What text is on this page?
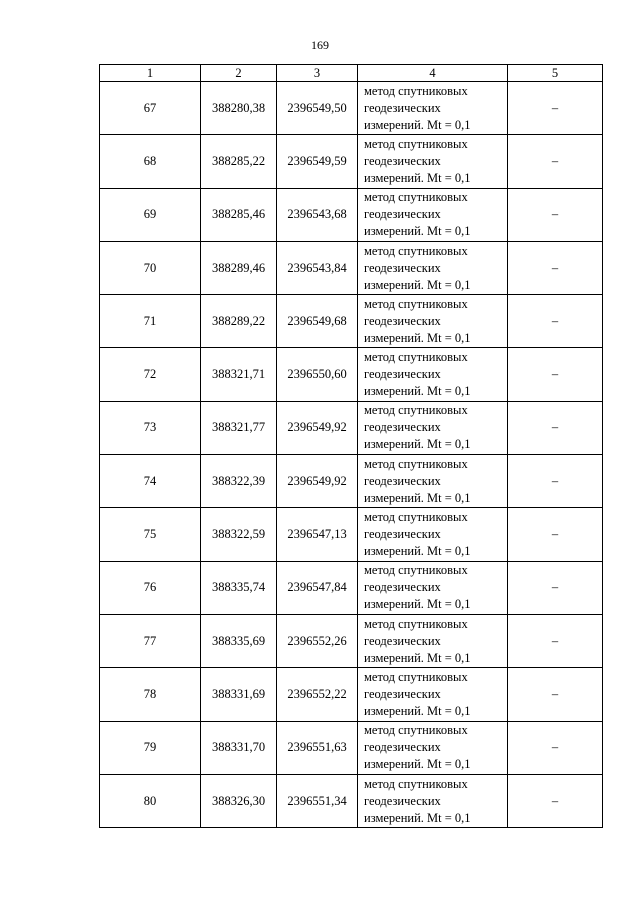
169
1	2	3	4	5
67	388280,38	2396549,50	метод спутниковых
геодезических
измерений. Mt = 0,1	–
68	388285,22	2396549,59	метод спутниковых
геодезических
измерений. Mt = 0,1	–
69	388285,46	2396543,68	метод спутниковых
геодезических
измерений. Mt = 0,1	–
70	388289,46	2396543,84	метод спутниковых
геодезических
измерений. Mt = 0,1	–
71	388289,22	2396549,68	метод спутниковых
геодезических
измерений. Mt = 0,1	–
72	388321,71	2396550,60	метод спутниковых
геодезических
измерений. Mt = 0,1	–
73	388321,77	2396549,92	метод спутниковых
геодезических
измерений. Mt = 0,1	–
74	388322,39	2396549,92	метод спутниковых
геодезических
измерений. Mt = 0,1	–
75	388322,59	2396547,13	метод спутниковых
геодезических
измерений. Mt = 0,1	–
76	388335,74	2396547,84	метод спутниковых
геодезических
измерений. Mt = 0,1	–
77	388335,69	2396552,26	метод спутниковых
геодезических
измерений. Mt = 0,1	–
78	388331,69	2396552,22	метод спутниковых
геодезических
измерений. Mt = 0,1	–
79	388331,70	2396551,63	метод спутниковых
геодезических
измерений. Mt = 0,1	–
80	388326,30	2396551,34	метод спутниковых
геодезических
измерений. Mt = 0,1	–
